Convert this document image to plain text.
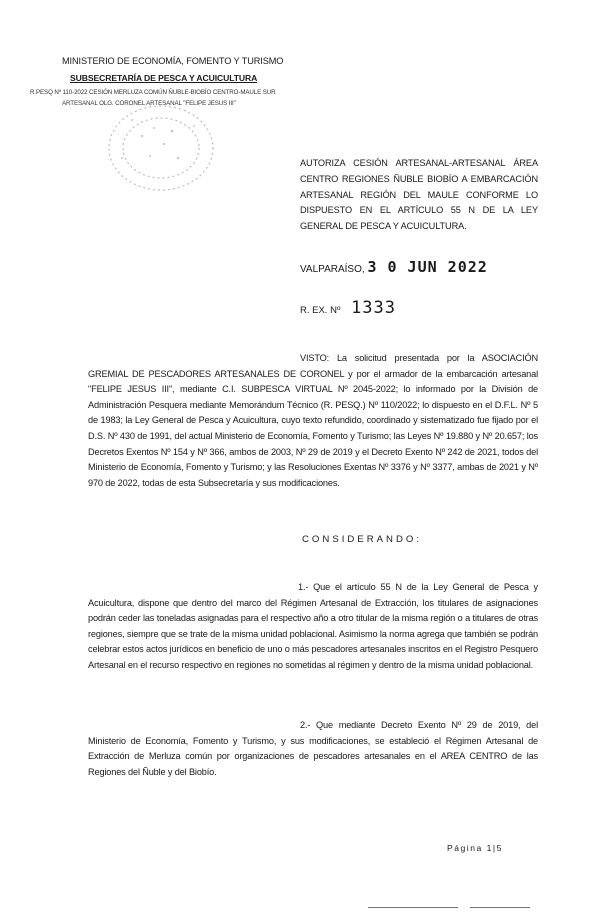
MINISTERIO DE ECONOMÍA, FOMENTO Y TURISMO
SUBSECRETARÍA DE PESCA Y ACUICULTURA
R.PESQ Nº 110-2022 CESIÓN MERLUZA COMÚN ÑUBLE-BIOBÍO CENTRO-MAULE SUR
ARTESANAL OLG. CORONEL ARTESANAL "FELIPE JESUS III"
AUTORIZA CESIÓN ARTESANAL-ARTESANAL ÁREA CENTRO REGIONES ÑUBLE BIOBÍO A EMBARCACIÓN ARTESANAL REGIÓN DEL MAULE CONFORME LO DISPUESTO EN EL ARTÍCULO 55 N DE LA LEY GENERAL DE PESCA Y ACUICULTURA.
VALPARAÍSO, 3 0 JUN 2022
R. EX. Nº 1333
VISTO: La solicitud presentada por la ASOCIACIÓN GREMIAL DE PESCADORES ARTESANALES DE CORONEL y por el armador de la embarcación artesanal "FELIPE JESUS III", mediante C.I. SUBPESCA VIRTUAL Nº 2045-2022; lo informado por la División de Administración Pesquera mediante Memorándum Técnico (R. PESQ.) Nº 110/2022; lo dispuesto en el D.F.L. Nº 5 de 1983; la Ley General de Pesca y Acuicultura, cuyo texto refundido, coordinado y sistematizado fue fijado por el D.S. Nº 430 de 1991, del actual Ministerio de Economía, Fomento y Turismo; las Leyes Nº 19.880 y Nº 20.657; los Decretos Exentos Nº 154 y Nº 366, ambos de 2003, Nº 29 de 2019 y el Decreto Exento Nº 242 de 2021, todos del Ministerio de Economía, Fomento y Turismo; y las Resoluciones Exentas Nº 3376 y Nº 3377, ambas de 2021 y Nº 970 de 2022, todas de esta Subsecretaría y sus modificaciones.
CONSIDERANDO:
1.- Que el artículo 55 N de la Ley General de Pesca y Acuicultura, dispone que dentro del marco del Régimen Artesanal de Extracción, los titulares de asignaciones podrán ceder las toneladas asignadas para el respectivo año a otro titular de la misma región o a titulares de otras regiones, siempre que se trate de la misma unidad poblacional. Asimismo la norma agrega que también se podrán celebrar estos actos jurídicos en beneficio de uno o más pescadores artesanales inscritos en el Registro Pesquero Artesanal en el recurso respectivo en regiones no sometidas al régimen y dentro de la misma unidad poblacional.
2.- Que mediante Decreto Exento Nº 29 de 2019, del Ministerio de Economía, Fomento y Turismo, y sus modificaciones, se estableció el Régimen Artesanal de Extracción de Merluza común por organizaciones de pescadores artesanales en el AREA CENTRO de las Regiones del Ñuble y del Biobío.
Página 1|5
